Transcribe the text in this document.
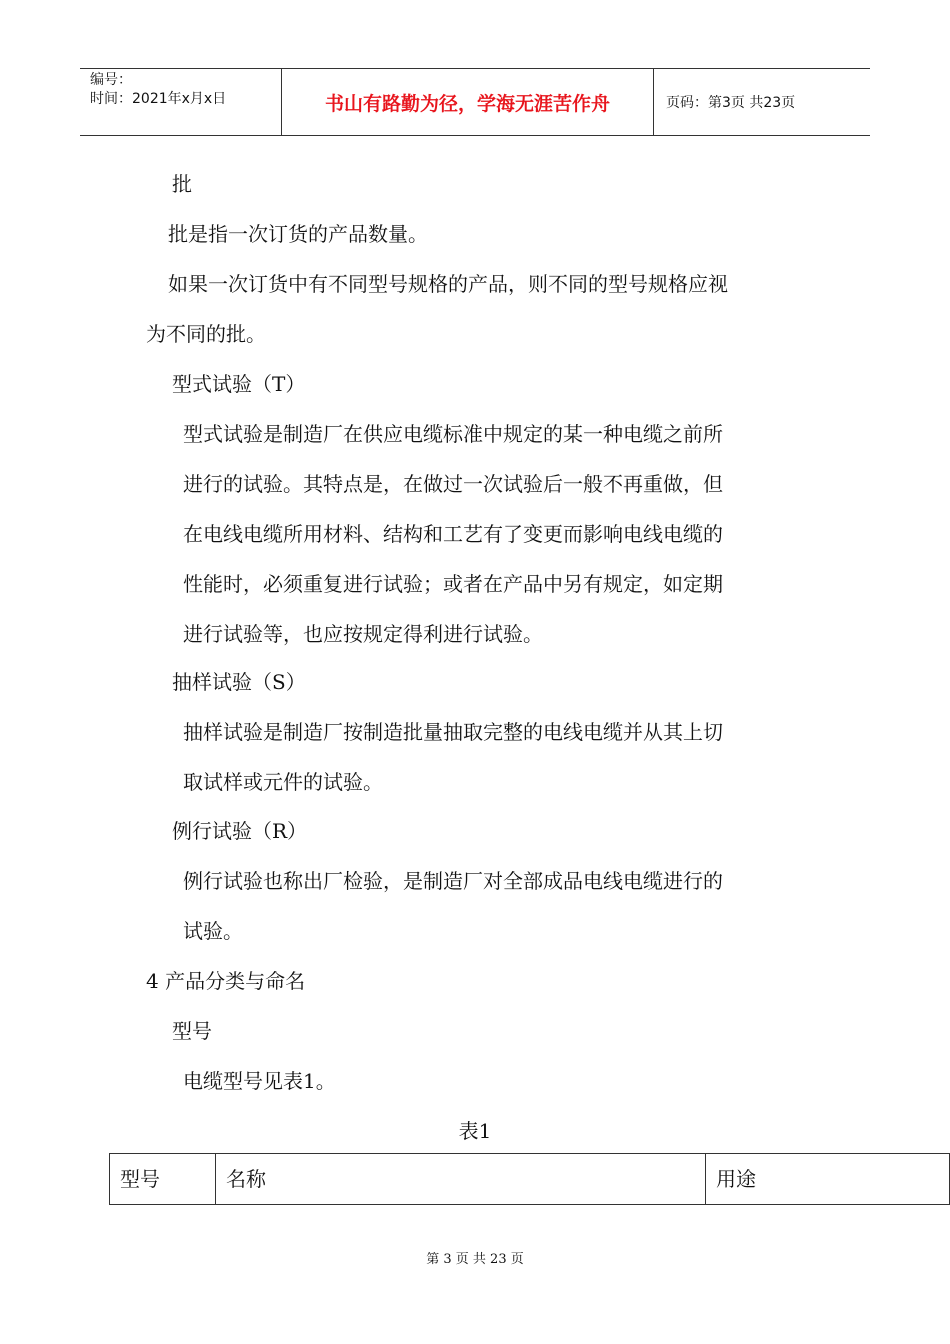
编号：
时间：2021年x月x日	书山有路勤为径，学海无涯苦作舟	页码：第3页 共23页
批
批是指一次订货的产品数量。
如果一次订货中有不同型号规格的产品，则不同的型号规格应视
为不同的批。
型式试验（T）
型式试验是制造厂在供应电缆标准中规定的某一种电缆之前所
进行的试验。其特点是，在做过一次试验后一般不再重做，但
在电线电缆所用材料、结构和工艺有了变更而影响电线电缆的
性能时，必须重复进行试验；或者在产品中另有规定，如定期
进行试验等，也应按规定得利进行试验。
抽样试验（S）
抽样试验是制造厂按制造批量抽取完整的电线电缆并从其上切
取试样或元件的试验。
例行试验（R）
例行试验也称出厂检验，是制造厂对全部成品电线电缆进行的
试验。
4 产品分类与命名
型号
电缆型号见表1。
表1
型号	名称	用途
第 3 页 共 23 页
